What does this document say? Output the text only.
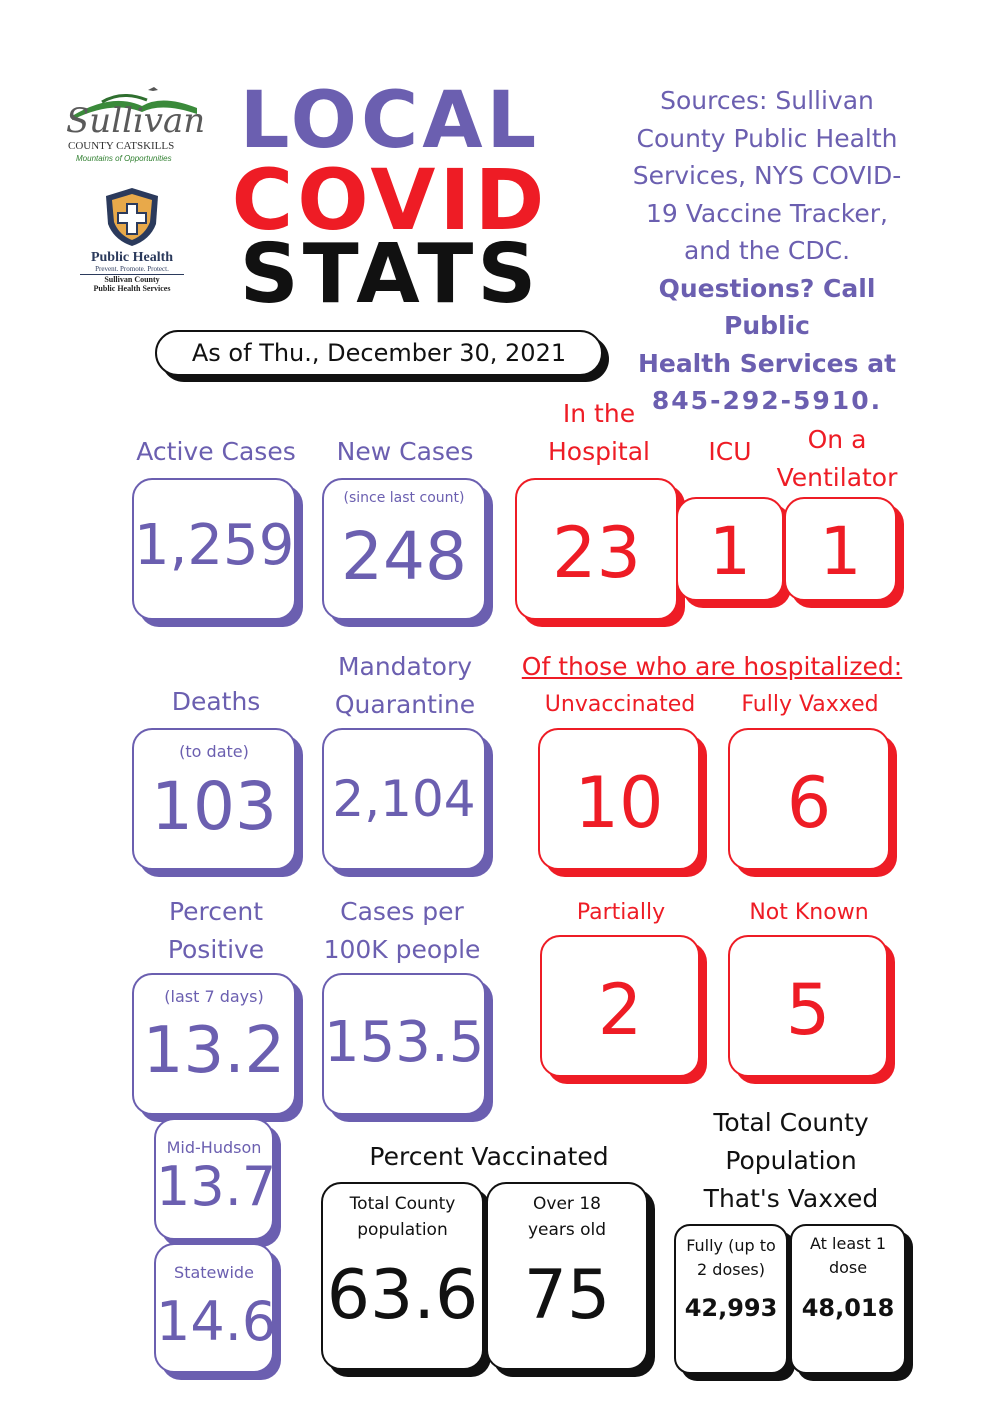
Sullivan
COUNTY CATSKILLS
Mountains of Opportunities
Public Health
Prevent. Promote. Protect.
Sullivan County
Public Health Services
LOCAL
COVID
STATS
As of Thu., December 30, 2021
Sources: Sullivan
County Public Health
Services, NYS COVID-
19 Vaccine Tracker,
and the CDC.
Questions? Call Public
Health Services at
845-292-5910.
Active Cases
1,259
New Cases
(since last count)
248
In the
Hospital
23
ICU
1
On a
Ventilator
1
Of those who are hospitalized:
Deaths
(to date)
103
Mandatory
Quarantine
2,104
Unvaccinated
10
Fully Vaxxed
6
Percent
Positive
(last 7 days)
13.2
Cases per
100K people
153.5
Partially
2
Not Known
5
Mid-Hudson
13.7
Statewide
14.6
Percent Vaccinated
Total County
population
63.6
Over 18
years old
75
Total County
Population
That's Vaxxed
Fully (up to
2 doses)
42,993
At least 1
dose
48,018
